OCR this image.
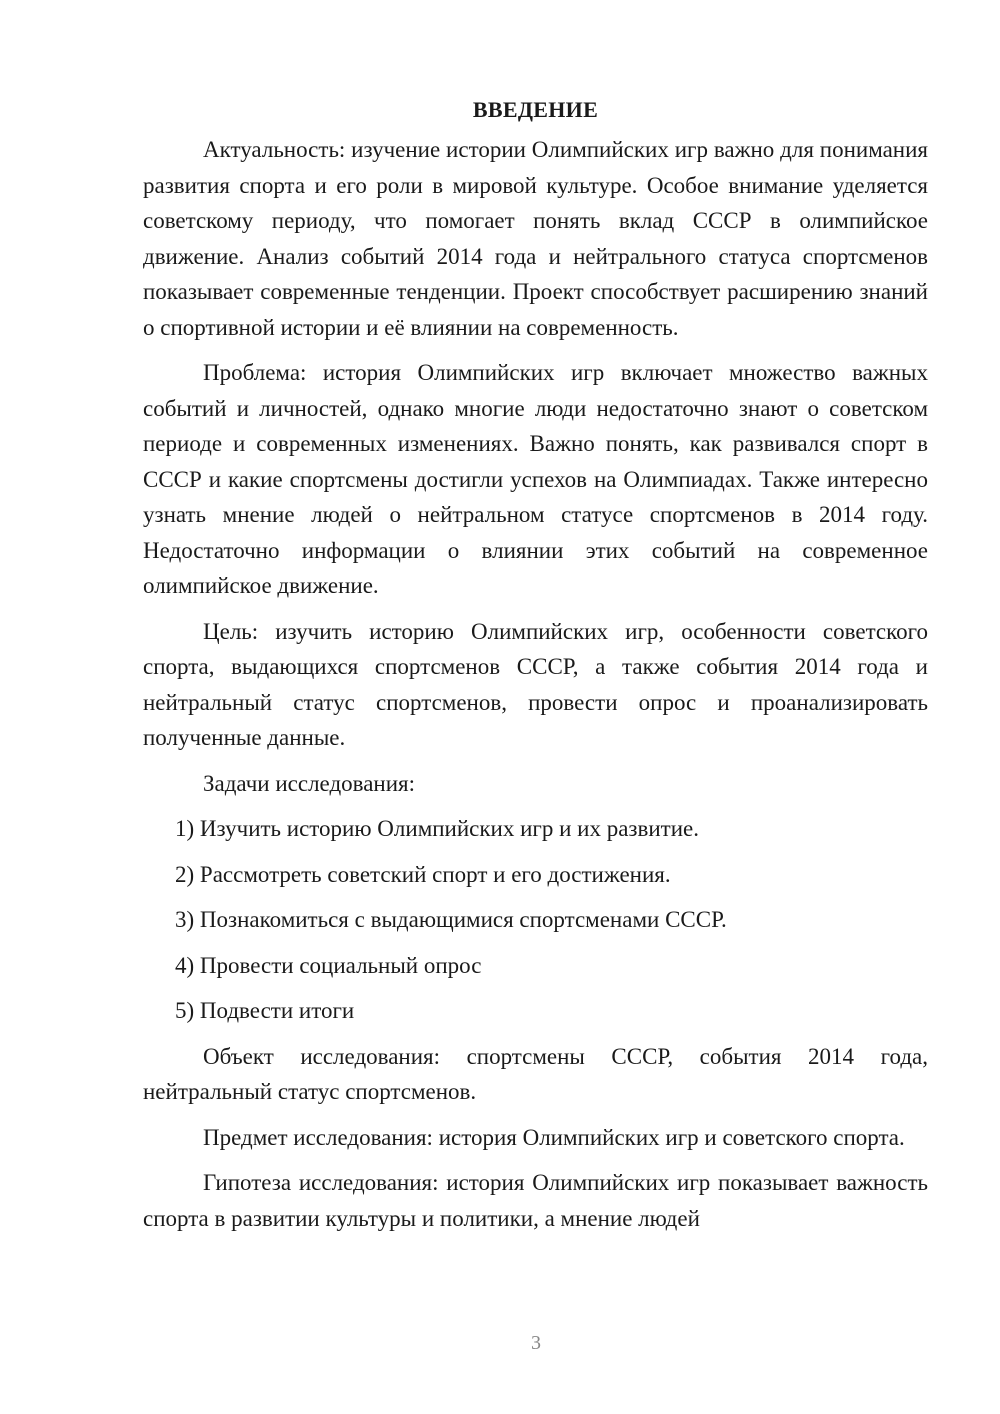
ВВЕДЕНИЕ

Актуальность: изучение истории Олимпийских игр важно для понимания развития спорта и его роли в мировой культуре. Особое внимание уделяется советскому периоду, что помогает понять вклад СССР в олимпийское движение. Анализ событий 2014 года и нейтрального статуса спортсменов показывает современные тенденции. Проект способствует расширению знаний о спортивной истории и её влиянии на современность.

Проблема: история Олимпийских игр включает множество важных событий и личностей, однако многие люди недостаточно знают о советском периоде и современных изменениях. Важно понять, как развивался спорт в СССР и какие спортсмены достигли успехов на Олимпиадах. Также интересно узнать мнение людей о нейтральном статусе спортсменов в 2014 году. Недостаточно информации о влиянии этих событий на современное олимпийское движение.

Цель: изучить историю Олимпийских игр, особенности советского спорта, выдающихся спортсменов СССР, а также события 2014 года и нейтральный статус спортсменов, провести опрос и проанализировать полученные данные.

Задачи исследования:

1) Изучить историю Олимпийских игр и их развитие.

2) Рассмотреть советский спорт и его достижения.

3) Познакомиться с выдающимися спортсменами СССР.

4) Провести социальный опрос

5) Подвести итоги

Объект исследования: спортсмены СССР, события 2014 года, нейтральный статус спортсменов.

Предмет исследования: история Олимпийских игр и советского спорта.

Гипотеза исследования: история Олимпийских игр показывает важность спорта в развитии культуры и политики, а мнение людей

3
